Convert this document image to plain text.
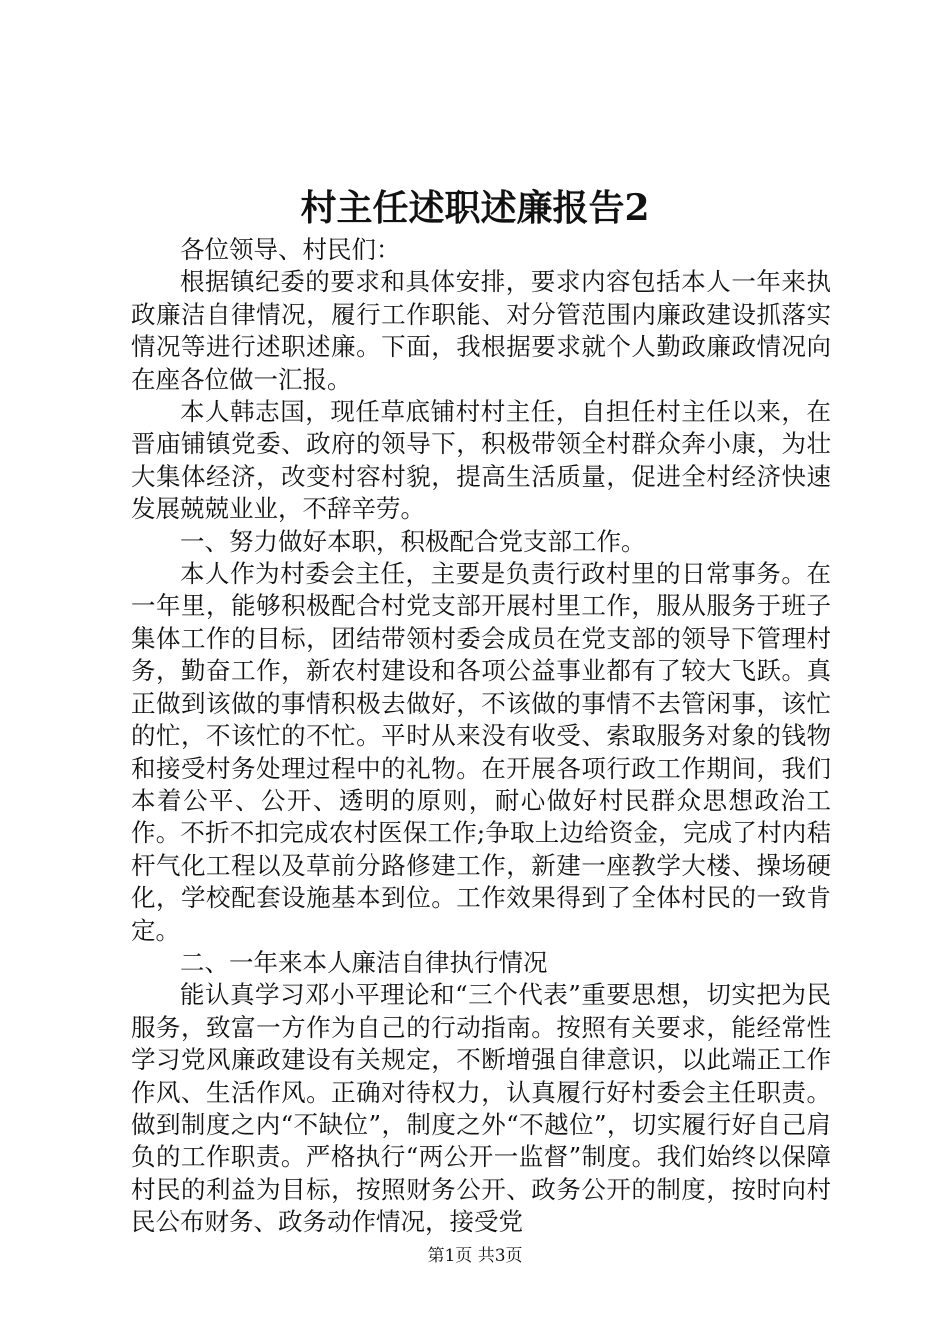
村主任述职述廉报告2

各位领导、村民们：

根据镇纪委的要求和具体安排，要求内容包括本人一年来执政廉洁自律情况，履行工作职能、对分管范围内廉政建设抓落实情况等进行述职述廉。下面，我根据要求就个人勤政廉政情况向在座各位做一汇报。

本人韩志国，现任草底铺村村主任，自担任村主任以来，在晋庙铺镇党委、政府的领导下，积极带领全村群众奔小康，为壮大集体经济，改变村容村貌，提高生活质量，促进全村经济快速发展兢兢业业，不辞辛劳。

一、努力做好本职，积极配合党支部工作。

本人作为村委会主任，主要是负责行政村里的日常事务。在一年里，能够积极配合村党支部开展村里工作，服从服务于班子集体工作的目标，团结带领村委会成员在党支部的领导下管理村务，勤奋工作，新农村建设和各项公益事业都有了较大飞跃。真正做到该做的事情积极去做好，不该做的事情不去管闲事，该忙的忙，不该忙的不忙。平时从来没有收受、索取服务对象的钱物和接受村务处理过程中的礼物。在开展各项行政工作期间，我们本着公平、公开、透明的原则，耐心做好村民群众思想政治工作。不折不扣完成农村医保工作;争取上边给资金，完成了村内秸杆气化工程以及草前分路修建工作，新建一座教学大楼、操场硬化，学校配套设施基本到位。工作效果得到了全体村民的一致肯定。

二、一年来本人廉洁自律执行情况

能认真学习邓小平理论和“三个代表”重要思想，切实把为民服务，致富一方作为自己的行动指南。按照有关要求，能经常性学习党风廉政建设有关规定，不断增强自律意识，以此端正工作作风、生活作风。正确对待权力，认真履行好村委会主任职责。做到制度之内“不缺位”，制度之外“不越位”，切实履行好自己肩负的工作职责。严格执行“两公开一监督”制度。我们始终以保障村民的利益为目标，按照财务公开、政务公开的制度，按时向村民公布财务、政务动作情况，接受党

第1页 共3页
